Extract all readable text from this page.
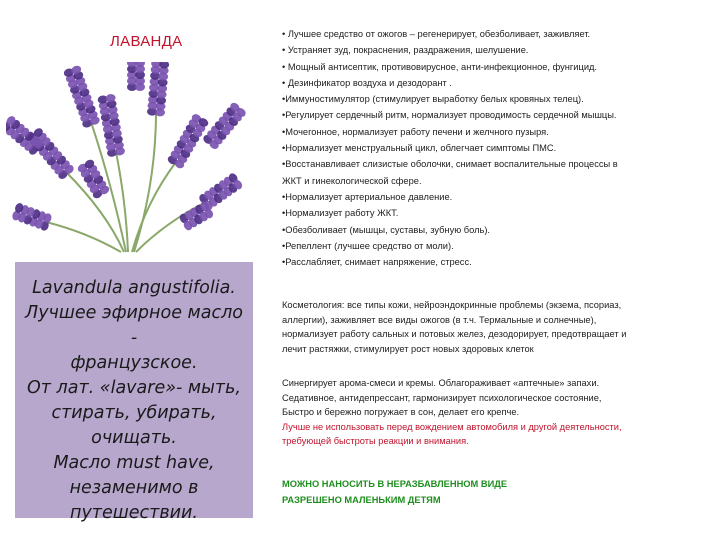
ЛАВАНДА
Lavandula angustifolia.
Лучшее эфирное масло -
французское.
От лат. «lavare»- мыть,
стирать, убирать,
очищать.
Масло must have,
незаменимо в
путешествии.
• Лучшее средство от ожогов – регенерирует, обезболивает, заживляет.
• Устраняет зуд, покраснения, раздражения, шелушение.
• Мощный антисептик, противовирусное, анти-инфекционное, фунгицид.
• Дезинфикатор воздуха и дезодорант .
•Иммуностимулятор (стимулирует выработку белых кровяных телец).
•Регулирует сердечный ритм, нормализует проводимость сердечной мышцы.
•Мочегонное, нормализует работу печени и желчного пузыря.
•Нормализует менструальный цикл, облегчает симптомы ПМС.
•Восстанавливает слизистые оболочки, снимает воспалительные процессы в
ЖКТ и гинекологической сфере.
•Нормализует артериальное давление.
•Нормализует работу ЖКТ.
•Обезболивает (мышцы, суставы, зубную боль).
•Репеллент (лучшее средство от моли).
•Расслабляет, снимает напряжение, стресс.

Косметология: все типы кожи, нейроэндокринные проблемы (экзема, псориаз,

аллергии), заживляет все виды ожогов (в т.ч. Термальные и солнечные),

нормализует работу сальных и потовых желез, дезодорирует, предотвращает и

лечит растяжки, стимулирует рост новых здоровых клеток

Синергирует арома-смеси и кремы. Облагораживает «аптечные» запахи.

Седативное, антидепрессант, гармонизирует психологическое состояние,

Быстро и бережно погружает в сон, делает его крепче.

Лучше не использовать перед вождением автомобиля и другой деятельности,

требующей быстроты реакции и внимания.

МОЖНО НАНОСИТЬ В НЕРАЗБАВЛЕННОМ ВИДЕ
РАЗРЕШЕНО МАЛЕНЬКИМ ДЕТЯМ
